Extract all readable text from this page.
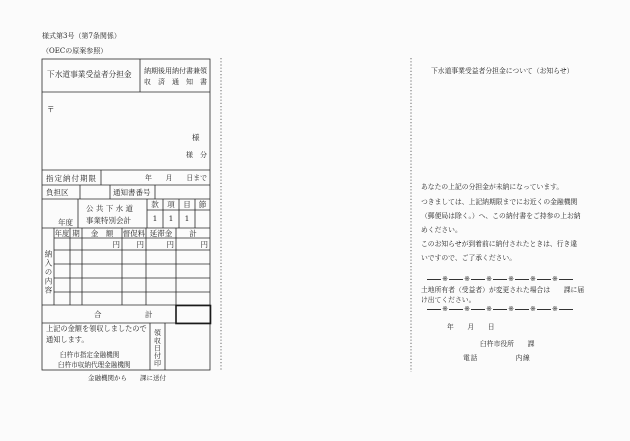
様式第3号（第7条関係）
（OECの原案参照）
下水道事業受益者分担金 納期後用納付書兼領
収　済　通　知　書
〒
様
様　分
指定納付期限	年　　月　　日まで
負担区	通知書番号
年度
公 共 下 水 道
事業特別会計
款	項	目	節
1	1	1
納入の内容
年度 期	金　額	督促料 延滞金	計
円	円	円	円
合　　　　　計
上記の金額を領収しましたので
通知します。
臼杵市指定金融機関
臼杵市収納代理金融機関	領収日付印
金融機関から　　課に送付
下水道事業受益者分担金について（お知らせ）
あなたの上記の分担金が未納になっています。
つきましては、上記納期限までにお近くの金融機関
（郵便局は除く。）へ、この納付書をご持参の上お納
めください。
このお知らせが到着前に納付されたときは、行き違
いですので、ご了承ください。
※ ※ ※ ※ ※ ※
土地所有者（受益者）が変更された場合は　　課に届
け出てください。
※ ※ ※ ※ ※ ※
年　　月　　日
臼杵市役所　　課
電話　　　　　内線
